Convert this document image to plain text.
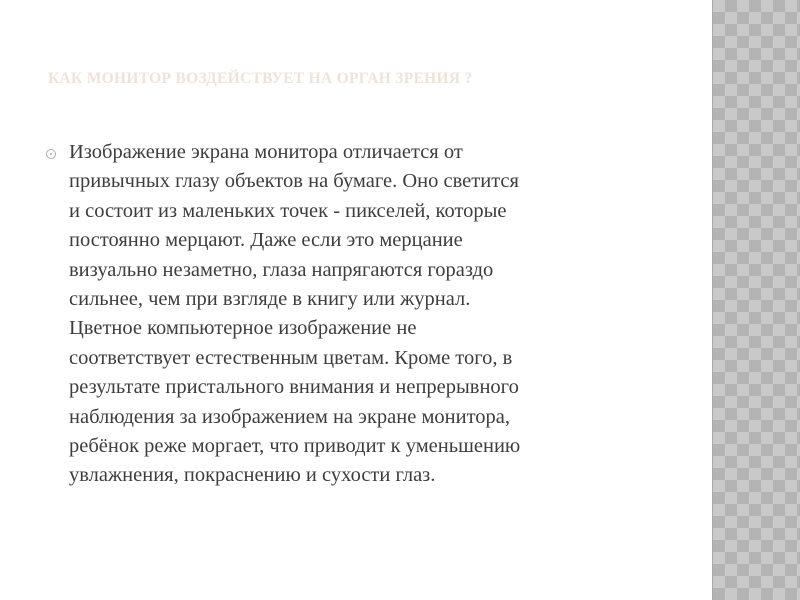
КАК МОНИТОР ВОЗДЕЙСТВУЕТ НА ОРГАН ЗРЕНИЯ ?

Изображение экрана монитора отличается от
привычных глазу объектов на бумаге. Оно светится
и состоит из маленьких точек - пикселей, которые
постоянно мерцают. Даже если это мерцание
визуально незаметно, глаза напрягаются гораздо
сильнее, чем при взгляде в книгу или журнал.
Цветное компьютерное изображение не
соответствует естественным цветам. Кроме того, в
результате пристального внимания и непрерывного
наблюдения за изображением на экране монитора,
ребёнок реже моргает, что приводит к уменьшению
увлажнения, покраснению и сухости глаз.
